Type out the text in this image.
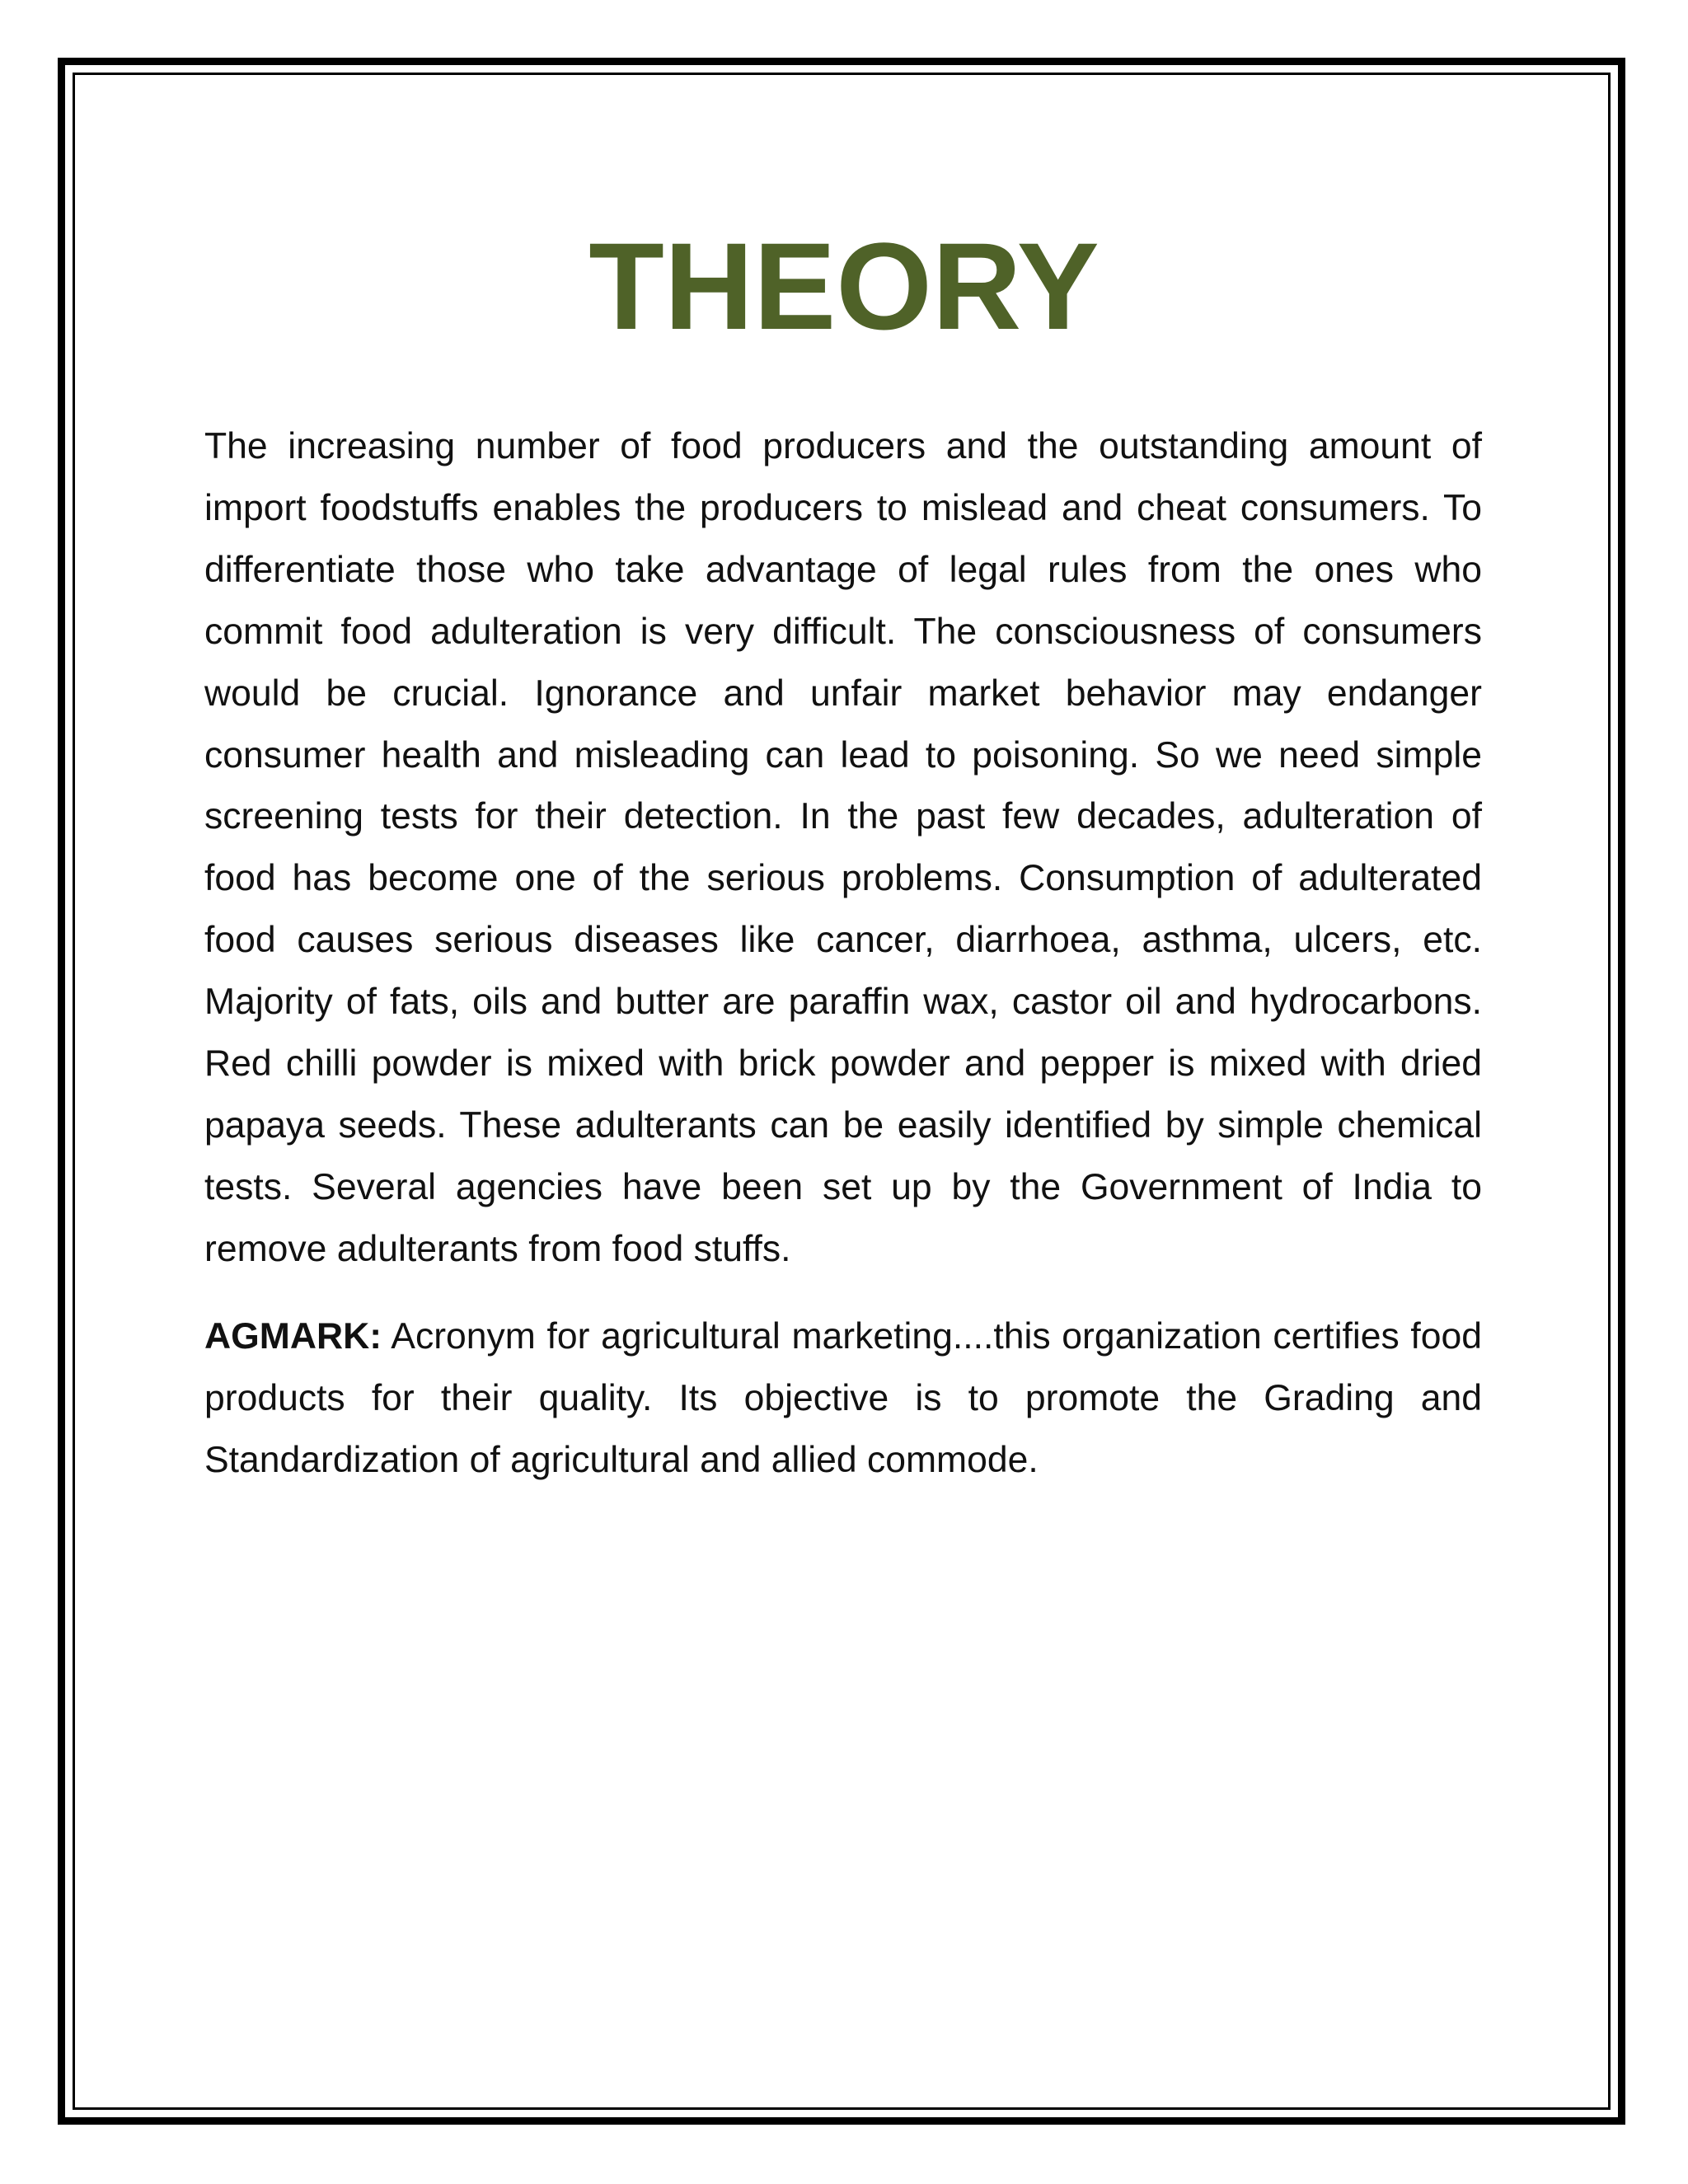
THEORY

The increasing number of food producers and the outstanding amount of import foodstuffs enables the producers to mislead and cheat consumers. To differentiate those who take advantage of legal rules from the ones who commit food adulteration is very difficult. The consciousness of consumers would be crucial. Ignorance and unfair market behavior may endanger consumer health and misleading can lead to poisoning. So we need simple screening tests for their detection. In the past few decades, adulteration of food has become one of the serious problems. Consumption of adulterated food causes serious diseases like cancer, diarrhoea, asthma, ulcers, etc. Majority of fats, oils and butter are paraffin wax, castor oil and hydrocarbons. Red chilli powder is mixed with brick powder and pepper is mixed with dried papaya seeds. These adulterants can be easily identified by simple chemical tests. Several agencies have been set up by the Government of India to remove adulterants from food stuffs.

AGMARK: Acronym for agricultural marketing....this organization certifies food products for their quality. Its objective is to promote the Grading and Standardization of agricultural and allied commode.
